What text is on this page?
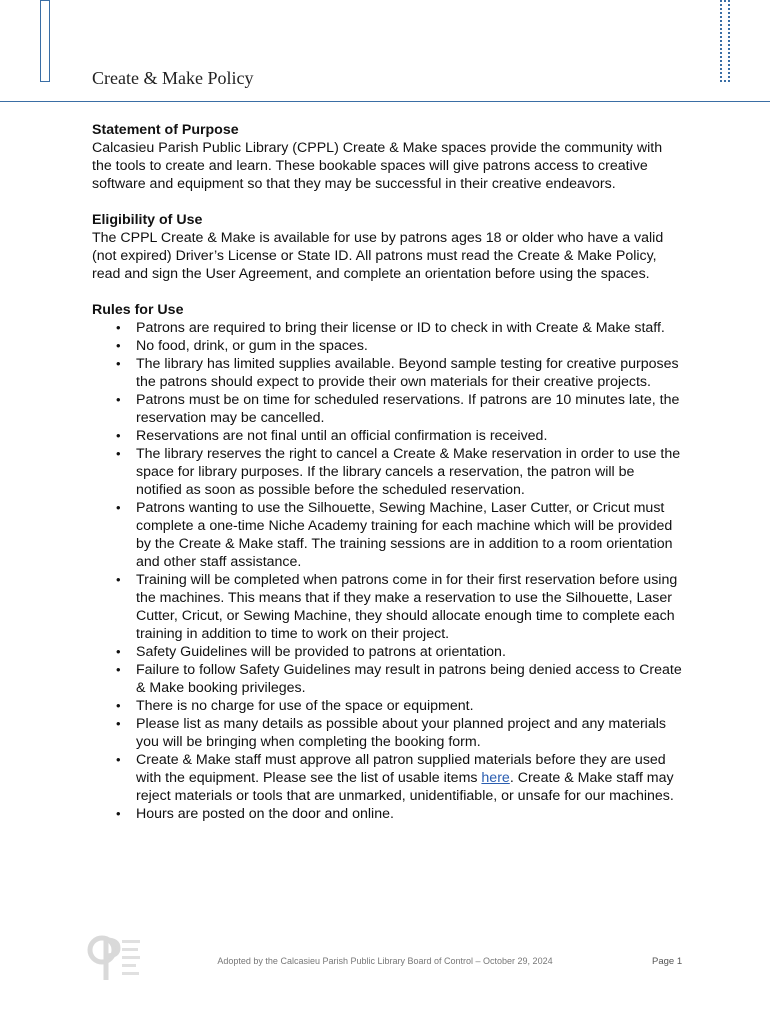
Create & Make Policy
Statement of Purpose

Calcasieu Parish Public Library (CPPL) Create & Make spaces provide the community with the tools to create and learn. These bookable spaces will give patrons access to creative software and equipment so that they may be successful in their creative endeavors.

Eligibility of Use

The CPPL Create & Make is available for use by patrons ages 18 or older who have a valid (not expired) Driver’s License or State ID. All patrons must read the Create & Make Policy, read and sign the User Agreement, and complete an orientation before using the spaces.

Rules for Use
• Patrons are required to bring their license or ID to check in with Create & Make staff.
• No food, drink, or gum in the spaces.
• The library has limited supplies available. Beyond sample testing for creative purposes the patrons should expect to provide their own materials for their creative projects.
• Patrons must be on time for scheduled reservations. If patrons are 10 minutes late, the reservation may be cancelled.
• Reservations are not final until an official confirmation is received.
• The library reserves the right to cancel a Create & Make reservation in order to use the space for library purposes. If the library cancels a reservation, the patron will be notified as soon as possible before the scheduled reservation.
• Patrons wanting to use the Silhouette, Sewing Machine, Laser Cutter, or Cricut must complete a one-time Niche Academy training for each machine which will be provided by the Create & Make staff. The training sessions are in addition to a room orientation and other staff assistance.
• Training will be completed when patrons come in for their first reservation before using the machines. This means that if they make a reservation to use the Silhouette, Laser Cutter, Cricut, or Sewing Machine, they should allocate enough time to complete each training in addition to time to work on their project.
• Safety Guidelines will be provided to patrons at orientation.
• Failure to follow Safety Guidelines may result in patrons being denied access to Create & Make booking privileges.
• There is no charge for use of the space or equipment.
• Please list as many details as possible about your planned project and any materials you will be bringing when completing the booking form.
• Create & Make staff must approve all patron supplied materials before they are used with the equipment. Please see the list of usable items here. Create & Make staff may reject materials or tools that are unmarked, unidentifiable, or unsafe for our machines.
• Hours are posted on the door and online.
Adopted by the Calcasieu Parish Public Library Board of Control – October 29, 2024	Page 1
